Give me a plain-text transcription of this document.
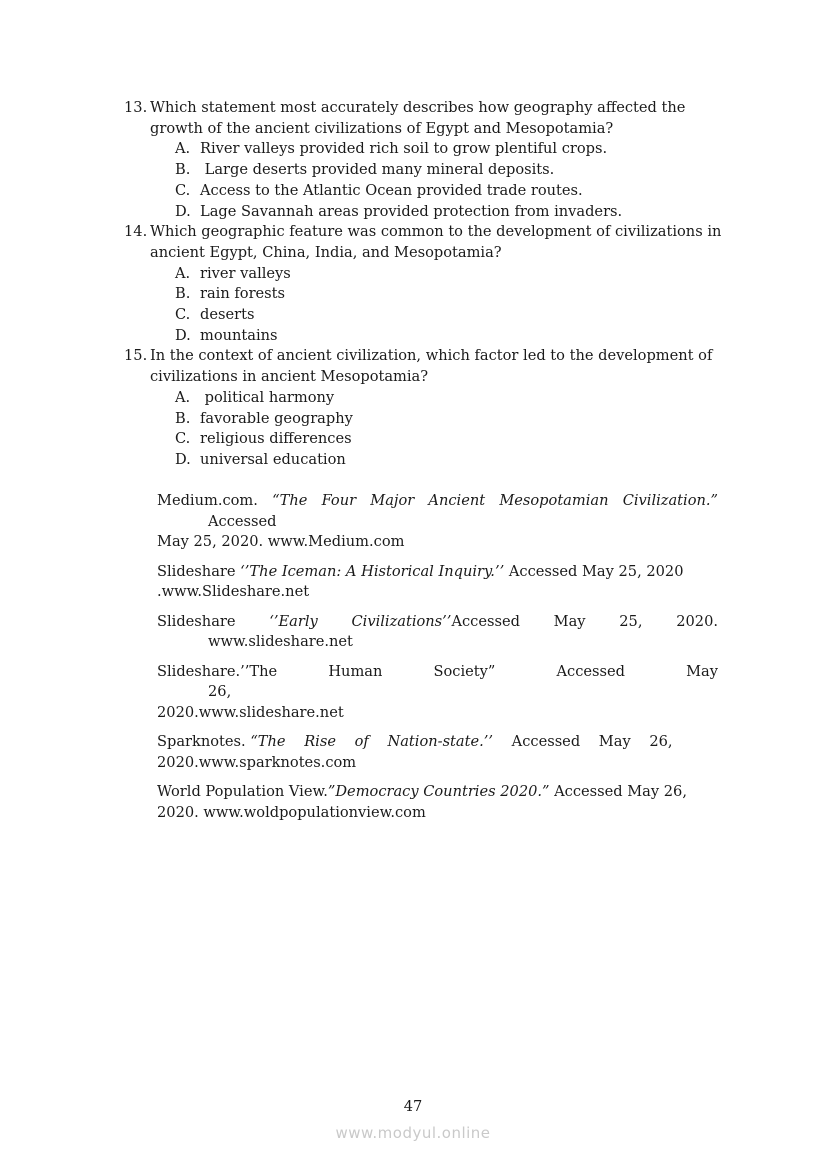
13. Which statement most accurately describes how geography affected the
growth of the ancient civilizations of Egypt and Mesopotamia?
A. River valleys provided rich soil to grow plentiful crops.
B. Large deserts provided many mineral deposits.
C. Access to the Atlantic Ocean provided trade routes.
D. Lage Savannah areas provided protection from invaders.
14. Which geographic feature was common to the development of civilizations in
ancient Egypt, China, India, and Mesopotamia?
A. river valleys
B. rain forests
C. deserts
D. mountains
15. In the context of ancient civilization, which factor led to the development of
civilizations in ancient Mesopotamia?
A. political harmony
B. favorable geography
C. religious differences
D. universal education
Medium.com. “The Four Major Ancient Mesopotamian Civilization.” Accessed
May 25, 2020. www.Medium.com
Slideshare ‘’The Iceman: A Historical Inquiry.’’ Accessed May 25, 2020
.www.Slideshare.net
Slideshare ‘’Early Civilizations’’Accessed May 25, 2020. www.slideshare.net
Slideshare.’’The Human Society” Accessed May 26,
2020.www.slideshare.net
Sparknotes. “The Rise of Nation-state.’’ Accessed May 26,
2020.www.sparknotes.com
World Population View.”Democracy Countries 2020.” Accessed May 26,
2020. www.woldpopulationview.com
47
www.modyul.online
